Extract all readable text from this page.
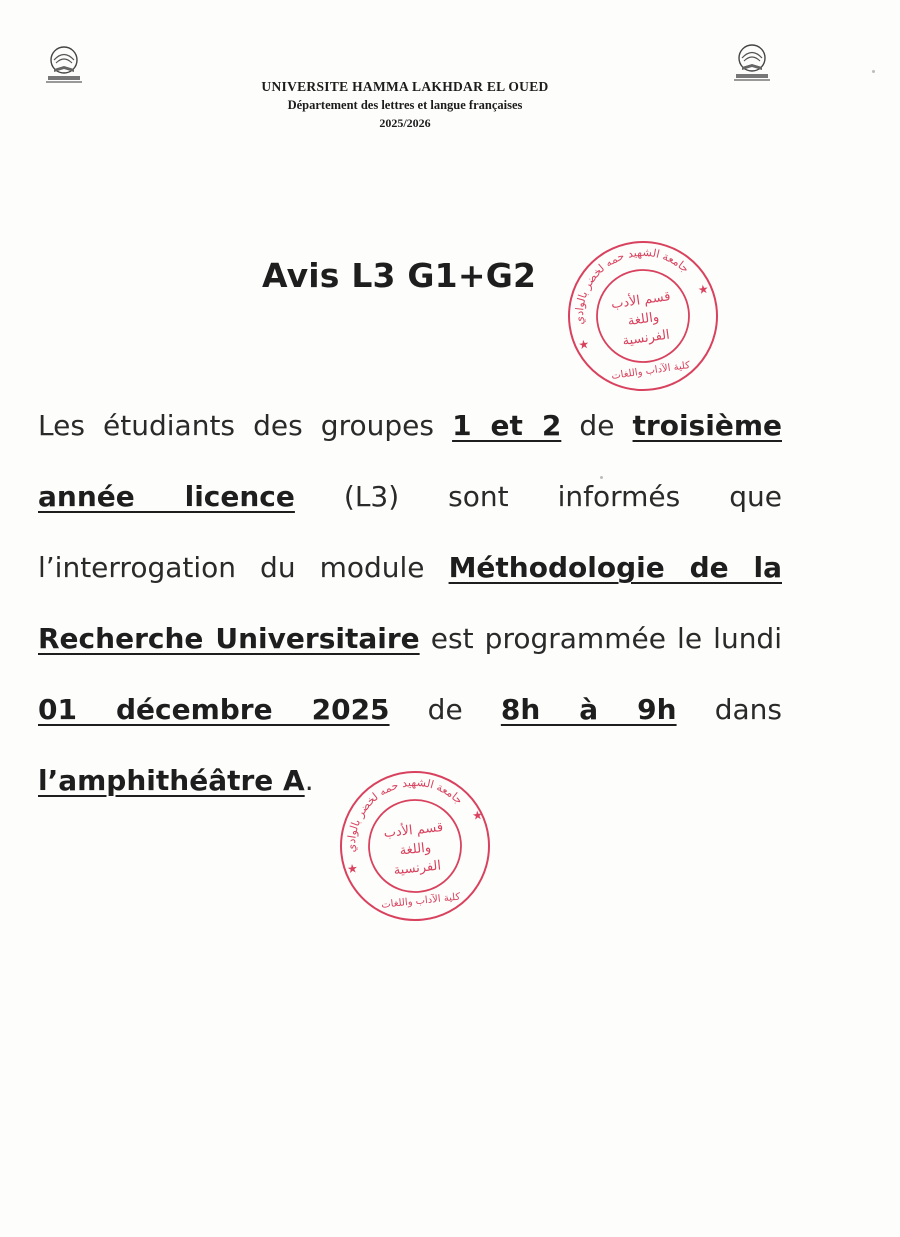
UNIVERSITE HAMMA LAKHDAR EL OUED
Département des lettres et langue françaises
2025/2026
Avis L3 G1+G2
جامعة الشهيد حمه لخضر بالوادي
كلية الآداب واللغات
قسم الأدب
واللغة
الفرنسية
★
★

Les étudiants des groupes 1 et 2 de troisième année licence (L3) sont informés que l’interrogation du module Méthodologie de la Recherche Universitaire est programmée le lundi 01 décembre 2025 de 8h à 9h dans l’amphithéâtre A.

جامعة الشهيد حمه لخضر بالوادي
كلية الآداب واللغات
قسم الأدب
واللغة
الفرنسية
★
★
